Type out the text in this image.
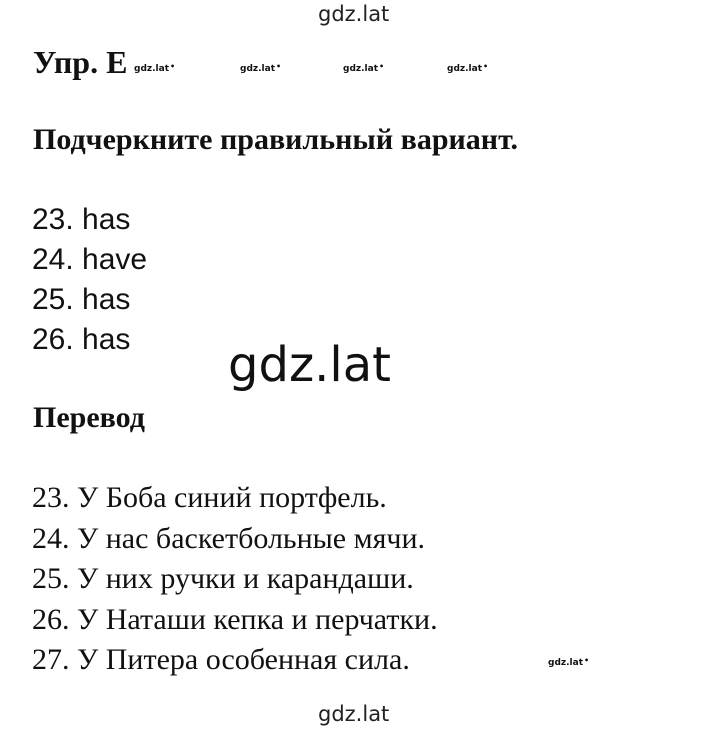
gdz.lat
Упр. E gdz.lat •	gdz.lat •	gdz.lat •	gdz.lat •
Подчеркните правильный вариант.
23. has
24. have
25. has
26. has	gdz.lat
Перевод
23. У Боба синий портфель.
24. У нас баскетбольные мячи.
25. У них ручки и карандаши.
26. У Наташи кепка и перчатки.
27. У Питера особенная сила.	gdz.lat •
gdz.lat
